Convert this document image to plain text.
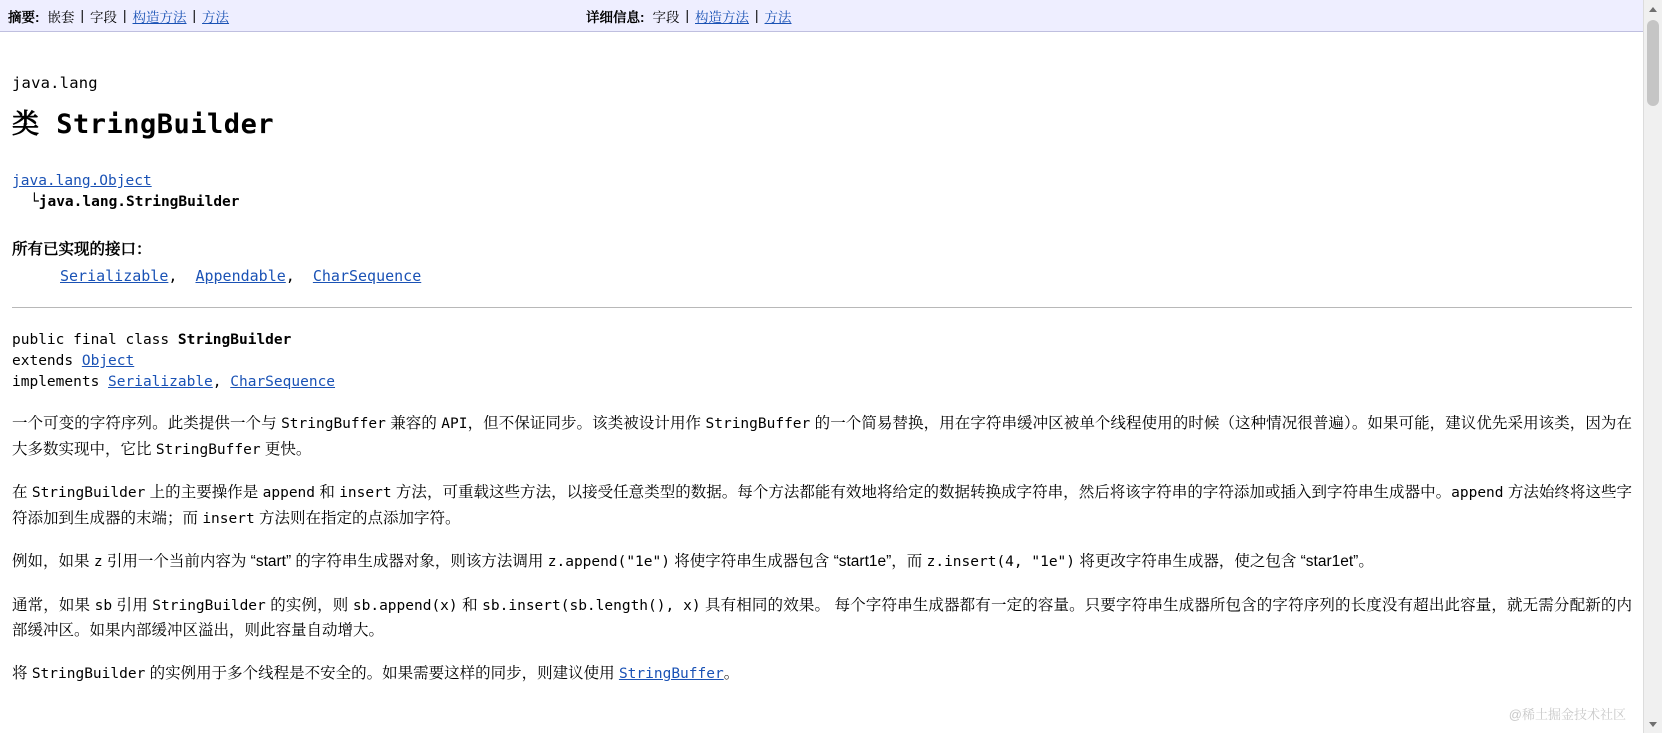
摘要: 嵌套 | 字段 | 构造方法 | 方法	详细信息: 字段 | 构造方法 | 方法
java.lang
类 StringBuilder
java.lang.Object
└java.lang.StringBuilder
所有已实现的接口：
Serializable,  Appendable,  CharSequence
public final class StringBuilder
extends Object
implements Serializable, CharSequence
一个可变的字符序列。此类提供一个与 StringBuffer 兼容的 API，但不保证同步。该类被设计用作 StringBuffer 的一个简易替换，用在字符串缓冲区被单个线程使用的时候（这种情况很普遍）。如果可能，建议优先采用该类，因为在大多数实现中，它比 StringBuffer 更快。
在 StringBuilder 上的主要操作是 append 和 insert 方法，可重载这些方法，以接受任意类型的数据。每个方法都能有效地将给定的数据转换成字符串，然后将该字符串的字符添加或插入到字符串生成器中。append 方法始终将这些字符添加到生成器的末端；而 insert 方法则在指定的点添加字符。
例如，如果 z 引用一个当前内容为 “start” 的字符串生成器对象，则该方法调用 z.append("1e") 将使字符串生成器包含 “start1e”，而 z.insert(4, "1e") 将更改字符串生成器，使之包含 “star1et”。
通常，如果 sb 引用 StringBuilder 的实例，则 sb.append(x) 和 sb.insert(sb.length(), x) 具有相同的效果。 每个字符串生成器都有一定的容量。只要字符串生成器所包含的字符序列的长度没有超出此容量，就无需分配新的内部缓冲区。如果内部缓冲区溢出，则此容量自动增大。
将 StringBuilder 的实例用于多个线程是不安全的。如果需要这样的同步，则建议使用 StringBuffer。
@稀土掘金技术社区
